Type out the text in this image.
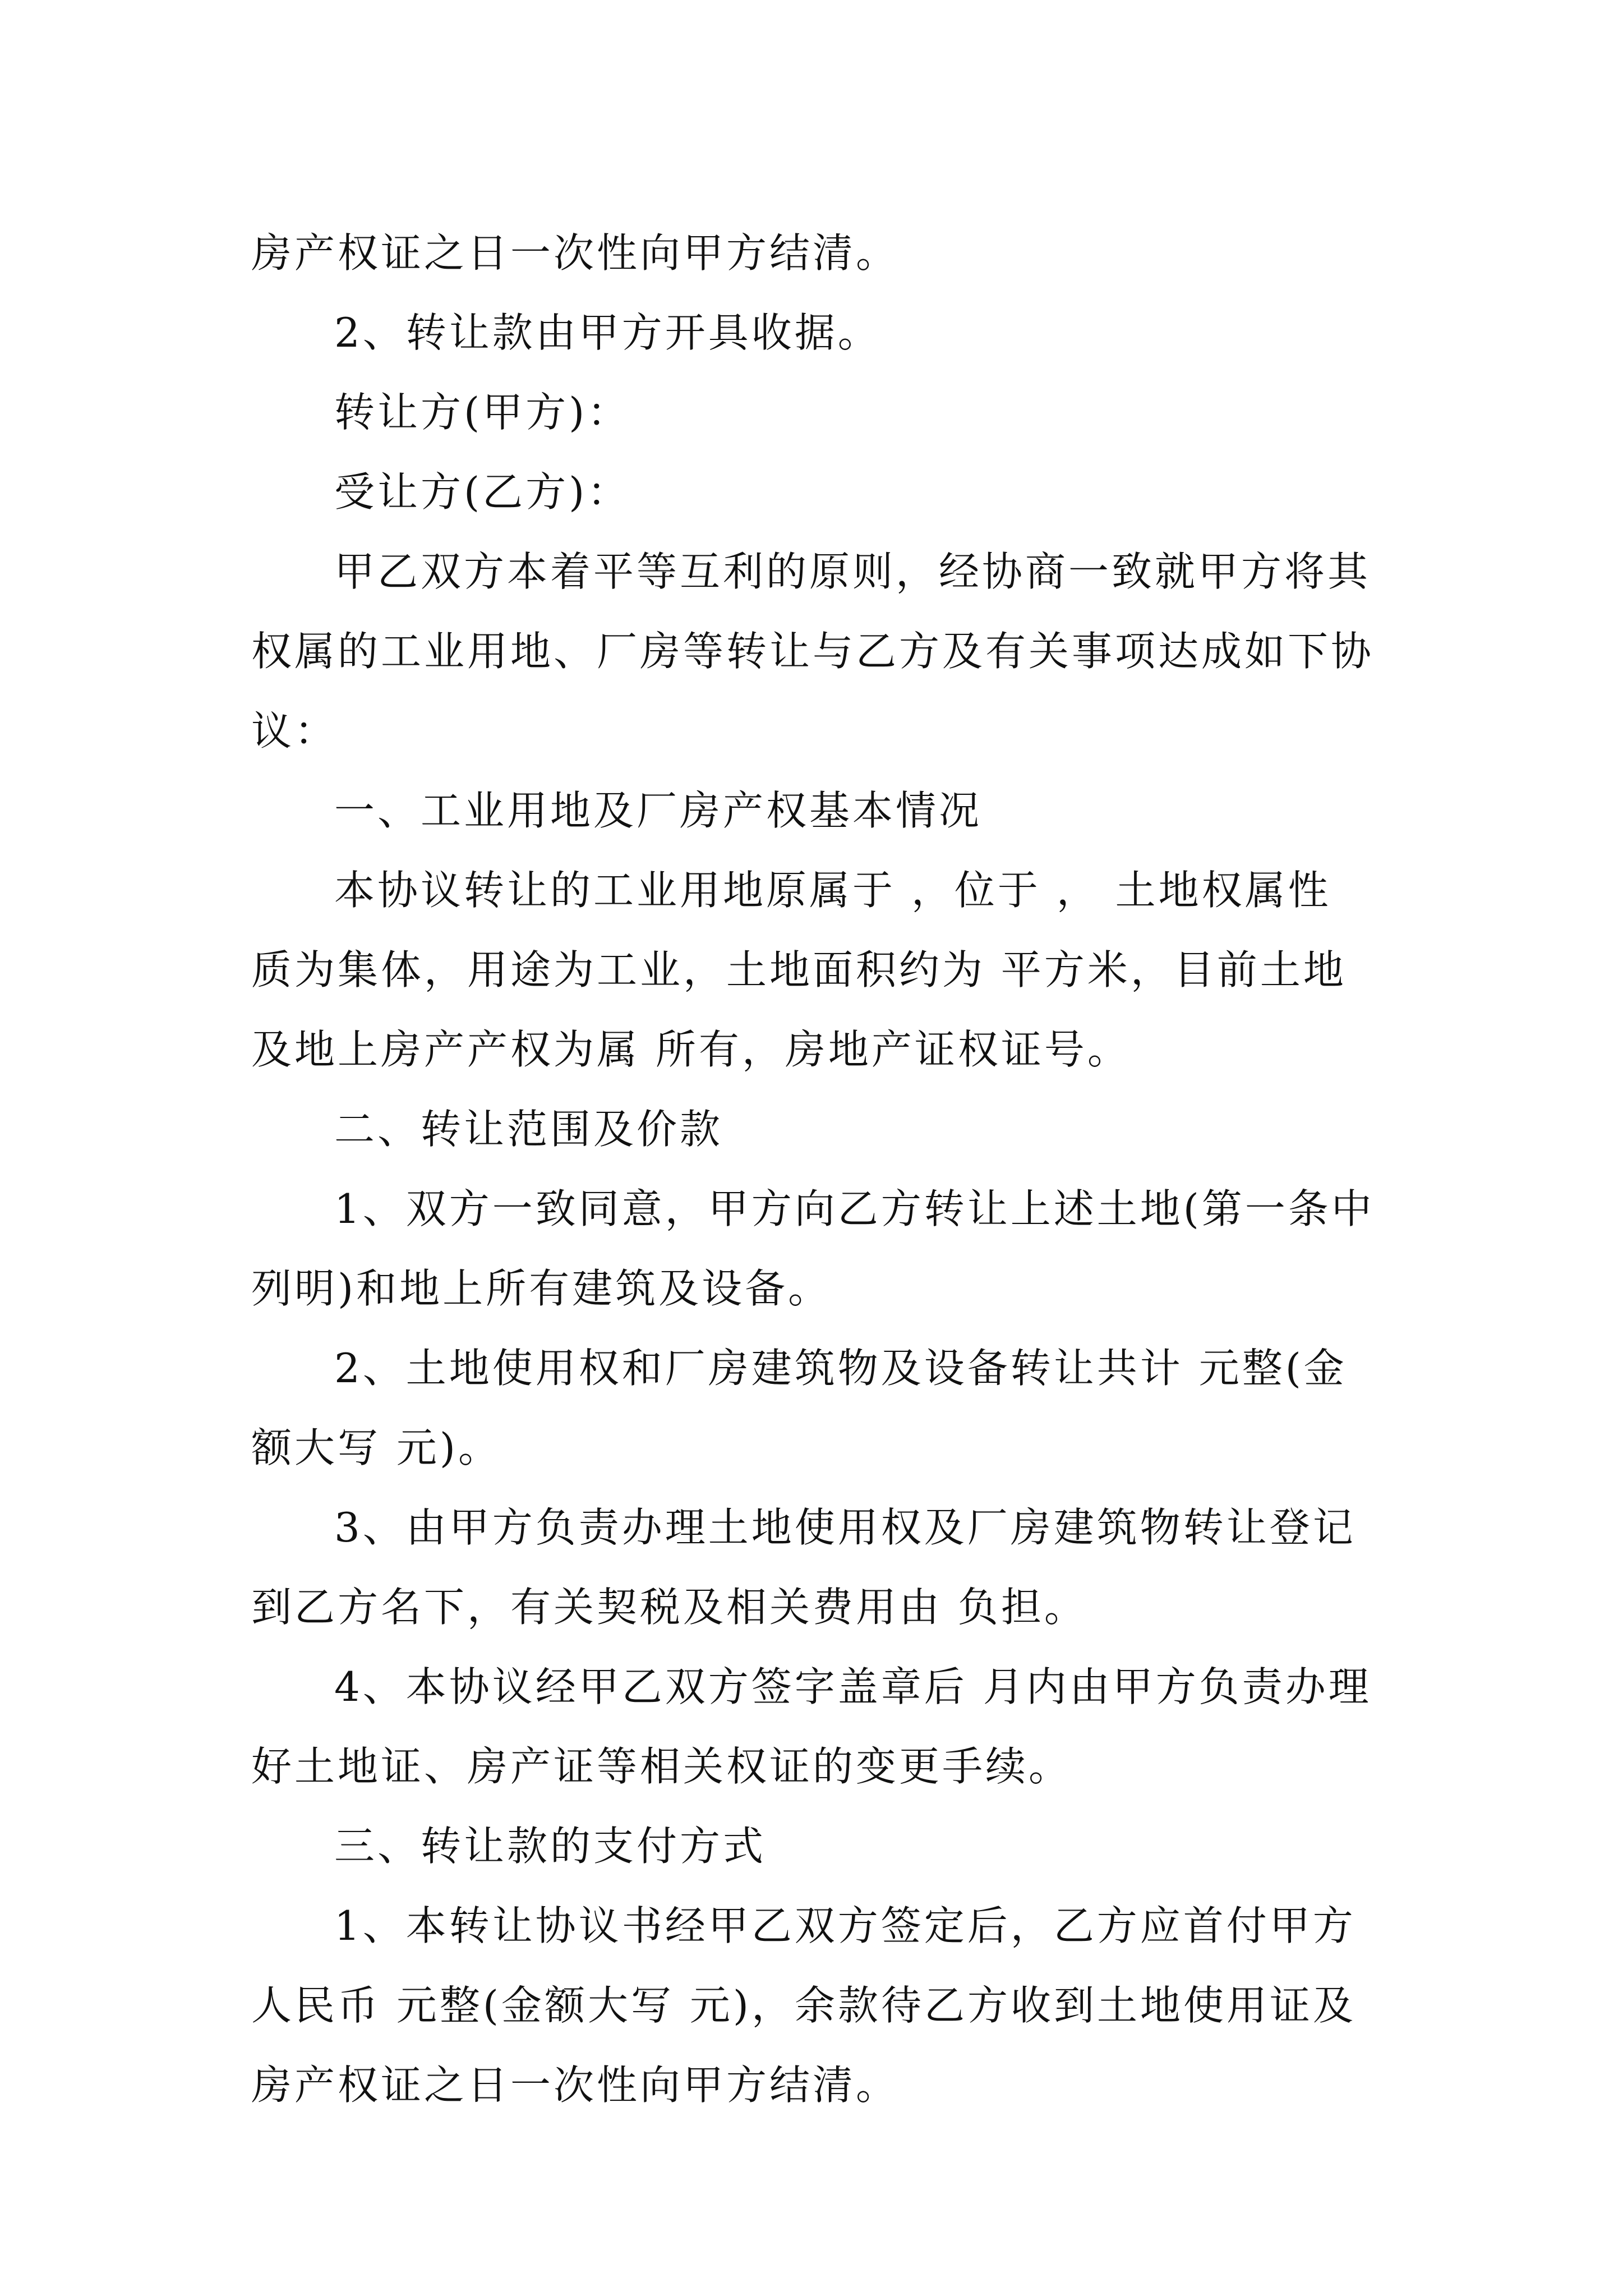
房产权证之日一次性向甲方结清。
2、转让款由甲方开具收据。
转让方(甲方)：
受让方(乙方)：
甲乙双方本着平等互利的原则，经协商一致就甲方将其
权属的工业用地、厂房等转让与乙方及有关事项达成如下协
议：
一、工业用地及厂房产权基本情况
本协议转让的工业用地原属于 ，位于 ， 土地权属性
质为集体，用途为工业，土地面积约为 平方米，目前土地
及地上房产产权为属 所有，房地产证权证号。
二、转让范围及价款
1、双方一致同意，甲方向乙方转让上述土地(第一条中
列明)和地上所有建筑及设备。
2、土地使用权和厂房建筑物及设备转让共计 元整(金
额大写 元)。
3、由甲方负责办理土地使用权及厂房建筑物转让登记
到乙方名下，有关契税及相关费用由 负担。
4、本协议经甲乙双方签字盖章后 月内由甲方负责办理
好土地证、房产证等相关权证的变更手续。
三、转让款的支付方式
1、本转让协议书经甲乙双方签定后，乙方应首付甲方
人民币 元整(金额大写 元)，余款待乙方收到土地使用证及
房产权证之日一次性向甲方结清。
